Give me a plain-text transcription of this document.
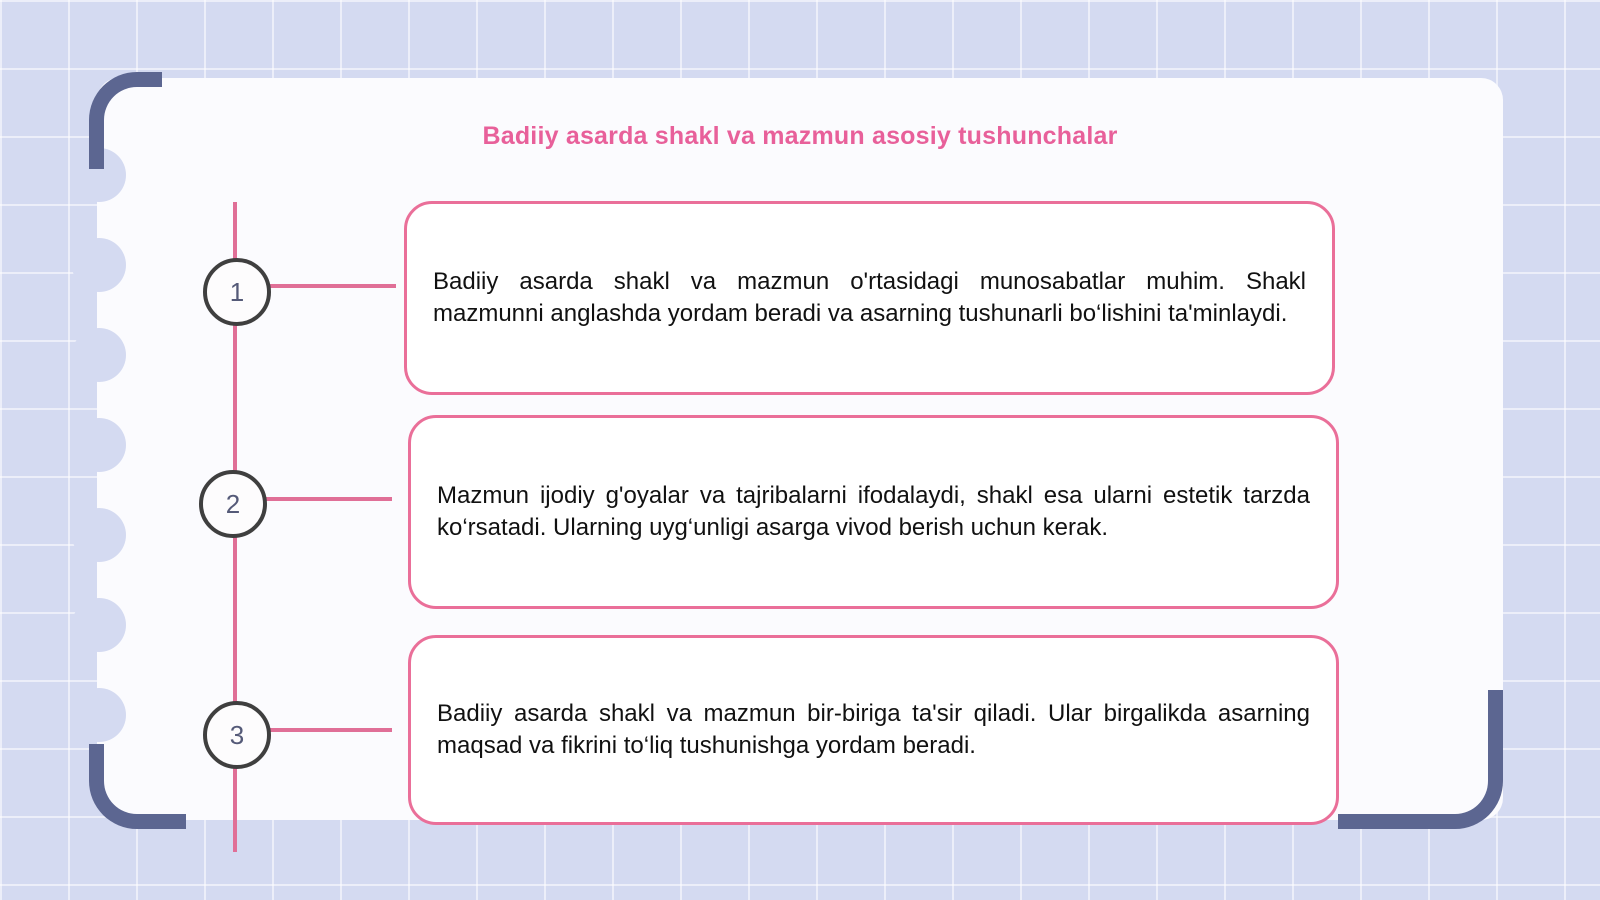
Badiiy asarda shakl va mazmun asosiy tushunchalar
1
2
3
Badiiy asarda shakl va mazmun o'rtasidagi munosabatlar muhim. Shakl mazmunni anglashda yordam beradi va asarning tushunarli bo‘lishini ta'minlaydi.
Mazmun ijodiy g'oyalar va tajribalarni ifodalaydi, shakl esa ularni estetik tarzda ko‘rsatadi. Ularning uyg‘unligi asarga vivod berish uchun kerak.
Badiiy asarda shakl va mazmun bir-biriga ta'sir qiladi. Ular birgalikda asarning maqsad va fikrini to‘liq tushunishga yordam beradi.
